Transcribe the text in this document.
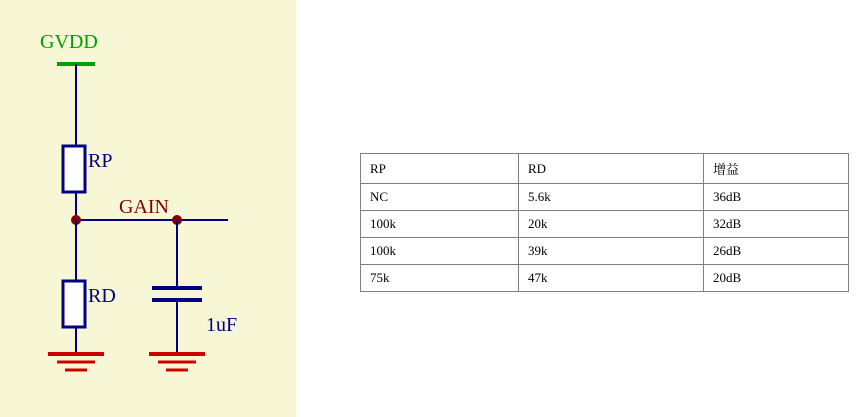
GVDD
GAIN
RP
RD
1uF
RP	RD	增益
NC	5.6k	36dB
100k	20k	32dB
100k	39k	26dB
75k	47k	20dB
